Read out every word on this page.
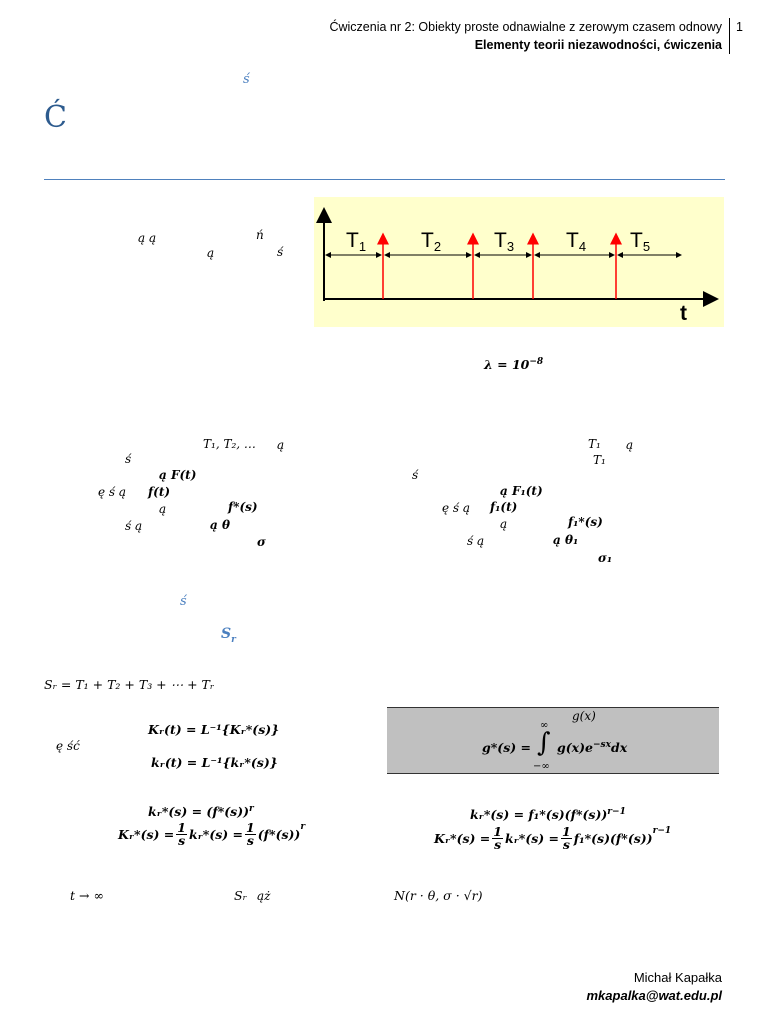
Ćwiczenia nr 2: Obiekty proste odnawialne z zerowym czasem odnowy
Elementy teorii niezawodności, ćwiczenia
1
ś
Ć
ą ą	ń
ą	ś	T1	T2	T3 T4 T5
t
$\lambda = 10^{-8}$
T₁, T₂, … ą
ś
ą F(t)
ę ś ą f(t)
ą	f*(s)
ś ą	ą θ
σ
T₁ ą
T₁
ś
ą F₁(t)
ę ś ą f₁(t)
ą	f₁*(s)
ś ą	ą θ₁
σ₁
ś
$S_r$
Sᵣ = T₁ + T₂ + T₃ + ⋯ + Tᵣ
ę ść
Kᵣ(t) = L⁻¹{Kᵣ*(s)}
kᵣ(t) = L⁻¹{kᵣ*(s)}
g(x)
g*(s) =
∞
∫
−∞
$g(x)e^{-sx}dx$
kᵣ*(s) = $(f*(s))^r$
Kᵣ*(s) = $\frac{1}{s}$ kᵣ*(s) = $\frac{1}{s} (f*(s))$
r
kᵣ*(s) = $f_1*(s)(f*(s))^{r-1}$
Kᵣ*(s) = $\frac{1}{s}$ kᵣ*(s) = $\frac{1}{s} f_1*(s)(f*(s))$
r−1
t → ∞	Sᵣ ąż	N(r · θ, σ · √r)
Michał Kapałka
mkapalka@wat.edu.pl
